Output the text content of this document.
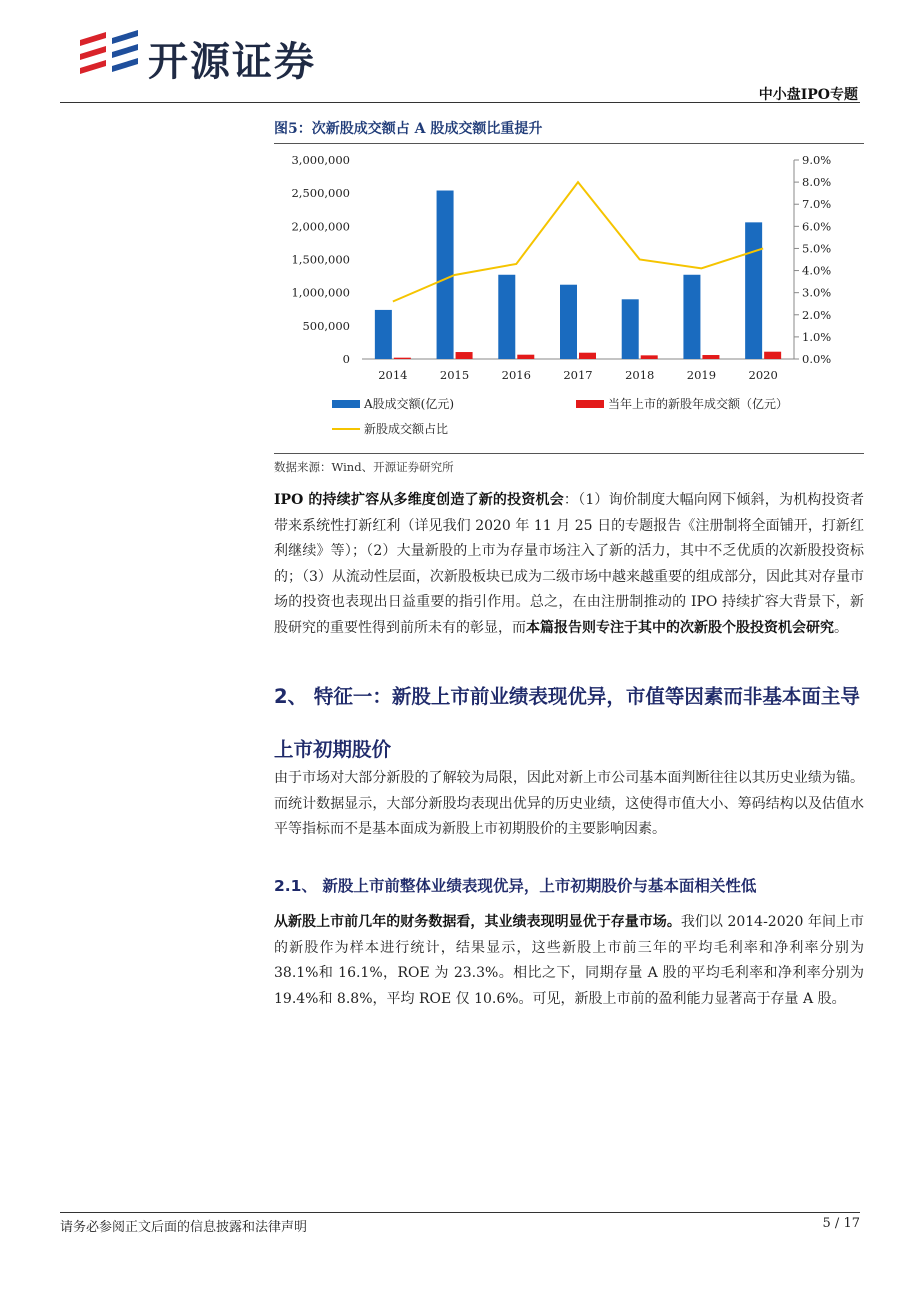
开源证券
中小盘IPO专题
图5：次新股成交额占 A 股成交额比重提升
3,000,000
2,500,000
2,000,000
1,500,000
1,000,000
500,000
0
9.0%
8.0%
7.0%
6.0%
5.0%
4.0%
3.0%
2.0%
1.0%
0.0%
2014	2015	2016	2017	2018	2019	2020
A股成交额(亿元)	当年上市的新股年成交额（亿元）
新股成交额占比
数据来源：Wind、开源证券研究所
IPO 的持续扩容从多维度创造了新的投资机会：（1）询价制度大幅向网下倾斜，为机构投资者带来系统性打新红利（详见我们 2020 年 11 月 25 日的专题报告《注册制将全面铺开，打新红利继续》等）；（2）大量新股的上市为存量市场注入了新的活力，其中不乏优质的次新股投资标的；（3）从流动性层面，次新股板块已成为二级市场中越来越重要的组成部分，因此其对存量市场的投资也表现出日益重要的指引作用。总之，在由注册制推动的 IPO 持续扩容大背景下，新股研究的重要性得到前所未有的彰显，而本篇报告则专注于其中的次新股个股投资机会研究。
2、 特征一：新股上市前业绩表现优异，市值等因素而非基本面主导上市初期股价
由于市场对大部分新股的了解较为局限，因此对新上市公司基本面判断往往以其历史业绩为锚。而统计数据显示，大部分新股均表现出优异的历史业绩，这使得市值大小、筹码结构以及估值水平等指标而不是基本面成为新股上市初期股价的主要影响因素。
2.1、 新股上市前整体业绩表现优异，上市初期股价与基本面相关性低
从新股上市前几年的财务数据看，其业绩表现明显优于存量市场。我们以 2014-2020 年间上市的新股作为样本进行统计，结果显示，这些新股上市前三年的平均毛利率和净利率分别为 38.1%和 16.1%，ROE 为 23.3%。相比之下，同期存量 A 股的平均毛利率和净利率分别为 19.4%和 8.8%，平均 ROE 仅 10.6%。可见，新股上市前的盈利能力显著高于存量 A 股。
请务必参阅正文后面的信息披露和法律声明	5 / 17
